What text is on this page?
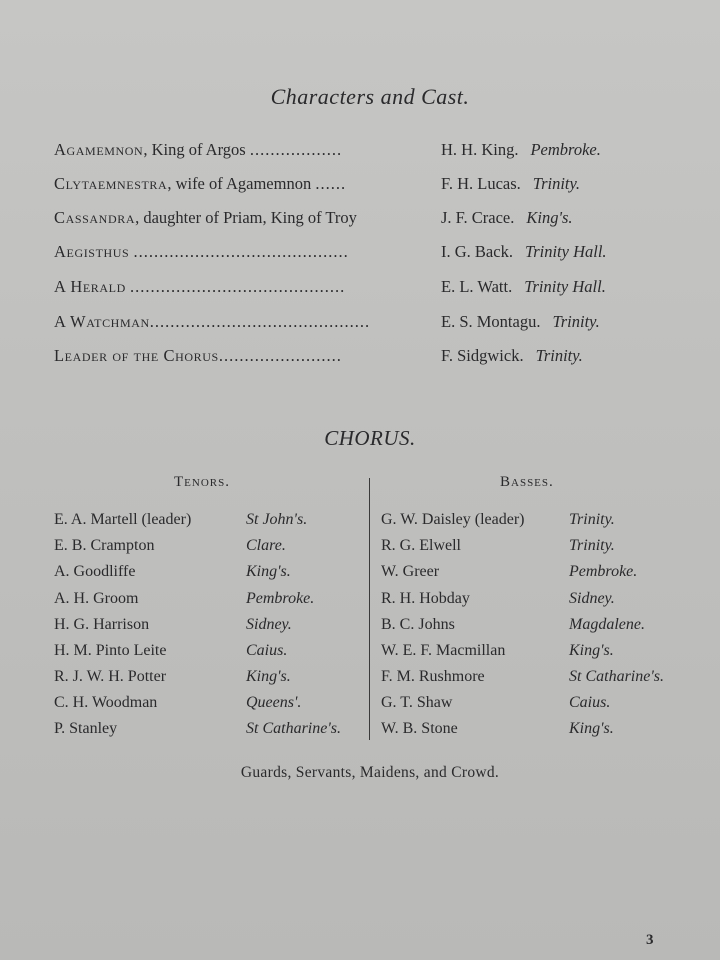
Characters and Cast.
Agamemnon, King of Argos ..................	H. H. King. Pembroke.
Clytaemnestra, wife of Agamemnon ......	F. H. Lucas. Trinity.
Cassandra, daughter of Priam, King of Troy	J. F. Crace. King's.
Aegisthus ..........................................	I. G. Back. Trinity Hall.
A Herald ..........................................	E. L. Watt. Trinity Hall.
A Watchman...........................................	E. S. Montagu. Trinity.
Leader of the Chorus........................	F. Sidgwick. Trinity.
CHORUS.
Tenors.	Basses.
E. A. Martell (leader)	St John's.
E. B. Crampton	Clare.
A. Goodliffe	King's.
A. H. Groom	Pembroke.
H. G. Harrison	Sidney.
H. M. Pinto Leite	Caius.
R. J. W. H. Potter	King's.
C. H. Woodman	Queens'.
P. Stanley	St Catharine's.
G. W. Daisley (leader)	Trinity.
R. G. Elwell	Trinity.
W. Greer	Pembroke.
R. H. Hobday	Sidney.
B. C. Johns	Magdalene.
W. E. F. Macmillan	King's.
F. M. Rushmore	St Catharine's.
G. T. Shaw	Caius.
W. B. Stone	King's.
Guards, Servants, Maidens, and Crowd.
3
